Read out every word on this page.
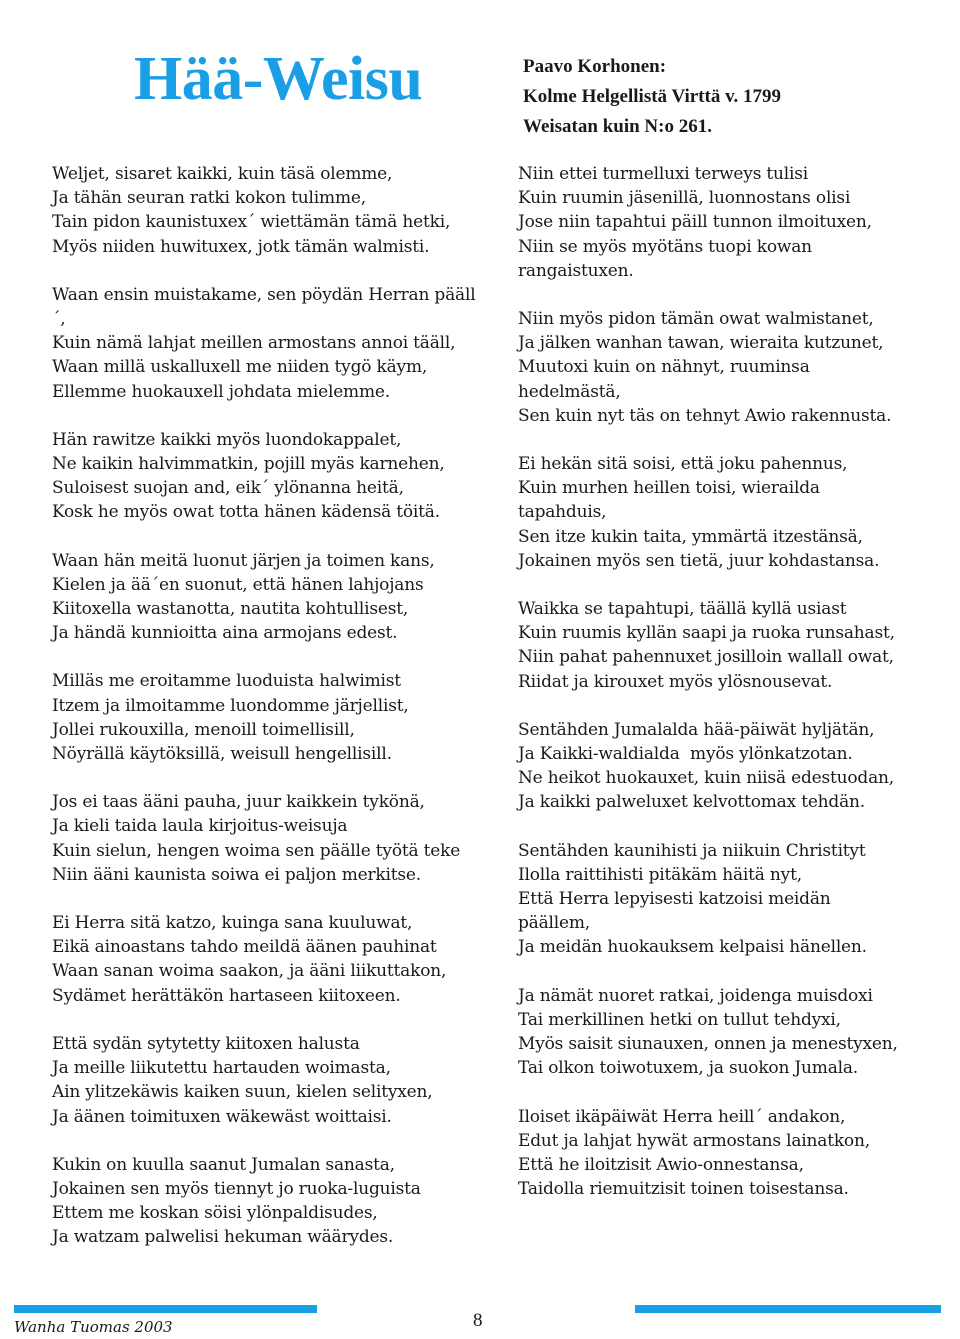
Hää-Weisu	Paavo Korhonen:
Kolme Helgellistä Virttä v. 1799
Weisatan kuin N:o 261.
Weljet, sisaret kaikki, kuin täsä olemme,
Ja tähän seuran ratki kokon tulimme,
Tain pidon kaunistuxex´ wiettämän tämä hetki,
Myös niiden huwituxex, jotk tämän walmisti.
Waan ensin muistakame, sen pöydän Herran pääll´,
Kuin nämä lahjat meillen armostans annoi tääll,
Waan millä uskalluxell me niiden tygö käym,
Ellemme huokauxell johdata mielemme.
Hän rawitze kaikki myös luondokappalet,
Ne kaikin halvimmatkin, pojill myäs karnehen,
Suloisest suojan and, eik´ ylönanna heitä,
Kosk he myös owat totta hänen kädensä töitä.
Waan hän meitä luonut järjen ja toimen kans,
Kielen ja ää´en suonut, että hänen lahjojans
Kiitoxella wastanotta, nautita kohtullisest,
Ja händä kunnioitta aina armojans edest.
Milläs me eroitamme luoduista halwimist
Itzem ja ilmoitamme luondomme järjellist,
Jollei rukouxilla, menoill toimellisill,
Nöyrällä käytöksillä, weisull hengellisill.
Jos ei taas ääni pauha, juur kaikkein tykönä,
Ja kieli taida laula kirjoitus-weisuja
Kuin sielun, hengen woima sen päälle työtä teke
Niin ääni kaunista soiwa ei paljon merkitse.
Ei Herra sitä katzo, kuinga sana kuuluwat,
Eikä ainoastans tahdo meildä äänen pauhinat
Waan sanan woima saakon, ja ääni liikuttakon,
Sydämet herättäkön hartaseen kiitoxeen.
Että sydän sytytetty kiitoxen halusta
Ja meille liikutettu hartauden woimasta,
Ain ylitzekäwis kaiken suun, kielen selityxen,
Ja äänen toimituxen wäkewäst woittaisi.
Kukin on kuulla saanut Jumalan sanasta,
Jokainen sen myös tiennyt jo ruoka-luguista
Ettem me koskan söisi ylönpaldisudes,
Ja watzam palwelisi hekuman wäärydes.
Niin ettei turmelluxi terweys tulisi
Kuin ruumin jäsenillä, luonnostans olisi
Jose niin tapahtui päill tunnon ilmoituxen,
Niin se myös myötäns tuopi kowan
rangaistuxen.
Niin myös pidon tämän owat walmistanet,
Ja jälken wanhan tawan, wieraita kutzunet,
Muutoxi kuin on nähnyt, ruuminsa
hedelmästä,
Sen kuin nyt täs on tehnyt Awio rakennusta.
Ei hekän sitä soisi, että joku pahennus,
Kuin murhen heillen toisi, wierailda
tapahduis,
Sen itze kukin taita, ymmärtä itzestänsä,
Jokainen myös sen tietä, juur kohdastansa.
Waikka se tapahtupi, täällä kyllä usiast
Kuin ruumis kyllän saapi ja ruoka runsahast,
Niin pahat pahennuxet josilloin wallall owat,
Riidat ja kirouxet myös ylösnousevat.
Sentähden Jumalalda hää-päiwät hyljätän,
Ja Kaikki-waldialda  myös ylönkatzotan.
Ne heikot huokauxet, kuin niisä edestuodan,
Ja kaikki palweluxet kelvottomax tehdän.
Sentähden kaunihisti ja niikuin Christityt
Ilolla raittihisti pitäkäm häitä nyt,
Että Herra lepyisesti katzoisi meidän
päällem,
Ja meidän huokauksem kelpaisi hänellen.
Ja nämät nuoret ratkai, joidenga muisdoxi
Tai merkillinen hetki on tullut tehdyxi,
Myös saisit siunauxen, onnen ja menestyxen,
Tai olkon toiwotuxem, ja suokon Jumala.
Iloiset ikäpäiwät Herra heill´ andakon,
Edut ja lahjat hywät armostans lainatkon,
Että he iloitzisit Awio-onnestansa,
Taidolla riemuitzisit toinen toisestansa.
Wanha Tuomas 2003	8
